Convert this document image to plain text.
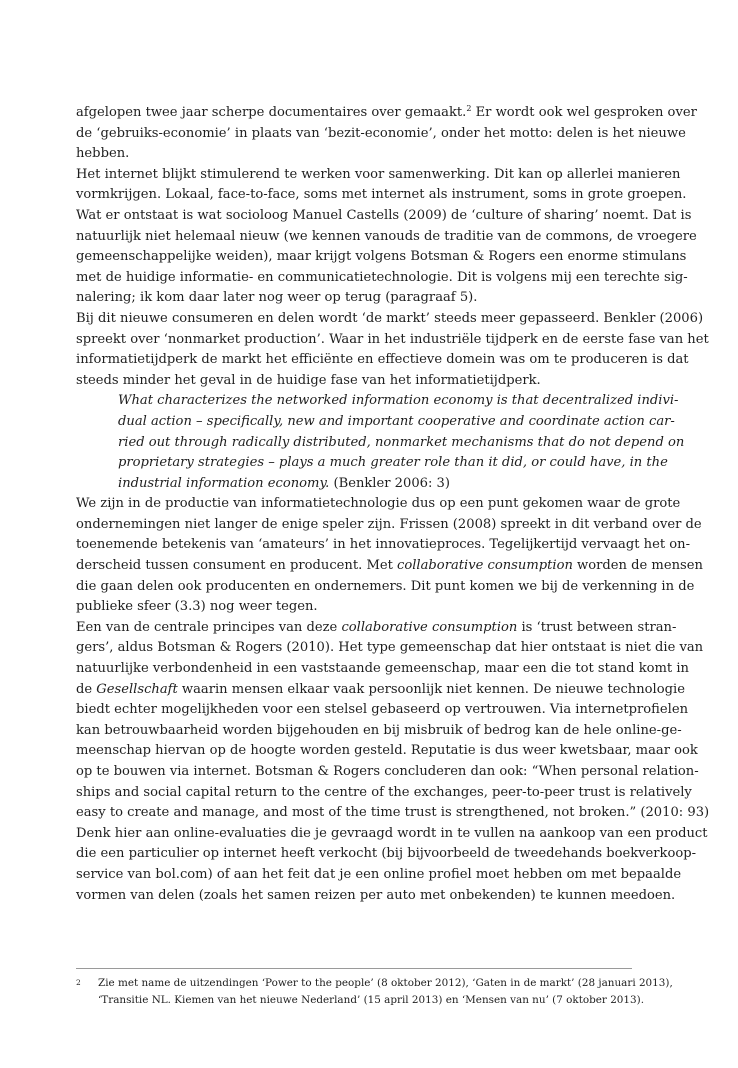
afgelopen twee jaar scherpe documentaires over gemaakt.$^2$ Er wordt ook wel gesproken over
de ‘gebruiks-economie’ in plaats van ‘bezit-economie’, onder het motto: delen is het nieuwe
hebben.
Het internet blijkt stimulerend te werken voor samenwerking. Dit kan op allerlei manieren
vormkrijgen. Lokaal, face-to-face, soms met internet als instrument, soms in grote groepen.
Wat er ontstaat is wat socioloog Manuel Castells (2009) de ‘culture of sharing’ noemt. Dat is
natuurlijk niet helemaal nieuw (we kennen vanouds de traditie van de commons, de vroegere
gemeenschappelijke weiden), maar krijgt volgens Botsman & Rogers een enorme stimulans
met de huidige informatie- en communicatietechnologie. Dit is volgens mij een terechte sig-
nalering; ik kom daar later nog weer op terug (paragraaf 5).
Bij dit nieuwe consumeren en delen wordt ‘de markt’ steeds meer gepasseerd. Benkler (2006)
spreekt over ‘nonmarket production’. Waar in het industriële tijdperk en de eerste fase van het
informatietijdperk de markt het efficiënte en effectieve domein was om te produceren is dat
steeds minder het geval in de huidige fase van het informatietijdperk.
What characterizes the networked information economy is that decentralized indivi-
dual action – specifically, new and important cooperative and coordinate action car-
ried out through radically distributed, nonmarket mechanisms that do not depend on
proprietary strategies – plays a much greater role than it did, or could have, in the
industrial information economy. (Benkler 2006: 3)
We zijn in de productie van informatietechnologie dus op een punt gekomen waar de grote
ondernemingen niet langer de enige speler zijn. Frissen (2008) spreekt in dit verband over de
toenemende betekenis van ‘amateurs’ in het innovatieproces. Tegelijkertijd vervaagt het on-
derscheid tussen consument en producent. Met collaborative consumption worden de mensen
die gaan delen ook producenten en ondernemers. Dit punt komen we bij de verkenning in de
publieke sfeer (3.3) nog weer tegen.
Een van de centrale principes van deze collaborative consumption is ‘trust between stran-
gers’, aldus Botsman & Rogers (2010). Het type gemeenschap dat hier ontstaat is niet die van
natuurlijke verbondenheid in een vaststaande gemeenschap, maar een die tot stand komt in
de Gesellschaft waarin mensen elkaar vaak persoonlijk niet kennen. De nieuwe technologie
biedt echter mogelijkheden voor een stelsel gebaseerd op vertrouwen. Via internetprofielen
kan betrouwbaarheid worden bijgehouden en bij misbruik of bedrog kan de hele online-ge-
meenschap hiervan op de hoogte worden gesteld. Reputatie is dus weer kwetsbaar, maar ook
op te bouwen via internet. Botsman & Rogers concluderen dan ook: “When personal relation-
ships and social capital return to the centre of the exchanges, peer-to-peer trust is relatively
easy to create and manage, and most of the time trust is strengthened, not broken.” (2010: 93)
Denk hier aan online-evaluaties die je gevraagd wordt in te vullen na aankoop van een product
die een particulier op internet heeft verkocht (bij bijvoorbeeld de tweedehands boekverkoop-
service van bol.com) of aan het feit dat je een online profiel moet hebben om met bepaalde
vormen van delen (zoals het samen reizen per auto met onbekenden) te kunnen meedoen.
2	Zie met name de uitzendingen ‘Power to the people’ (8 oktober 2012), ‘Gaten in de markt’ (28 januari 2013),
‘Transitie NL. Kiemen van het nieuwe Nederland’ (15 april 2013) en ‘Mensen van nu’ (7 oktober 2013).
